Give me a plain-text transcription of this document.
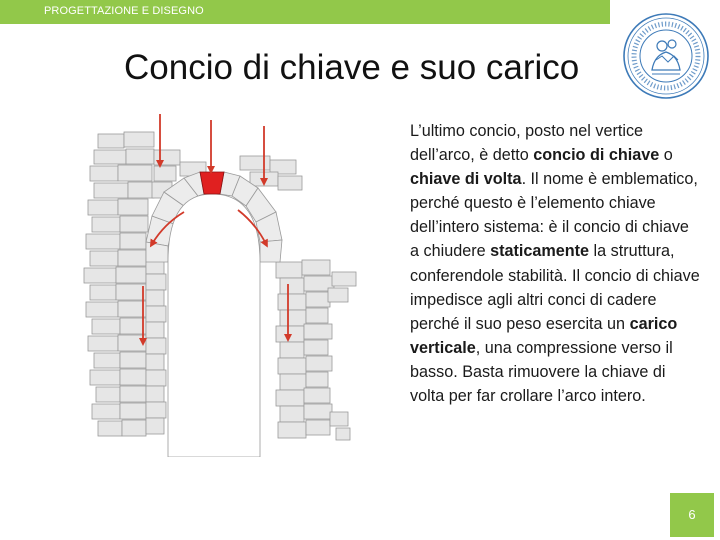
PROGETTAZIONE E DISEGNO
Concio di chiave e suo carico

L’ultimo concio, posto nel vertice dell’arco, è detto concio di chiave o chiave di volta. Il nome è emblematico, perché questo è l’elemento chiave dell’intero sistema: è il concio di chiave a chiudere staticamente la struttura, conferendole stabilità. Il concio di chiave impedisce agli altri conci di cadere perché il suo peso esercita un carico verticale, una compressione verso il basso. Basta rimuovere la chiave di volta per far crollare l’arco intero.

6
